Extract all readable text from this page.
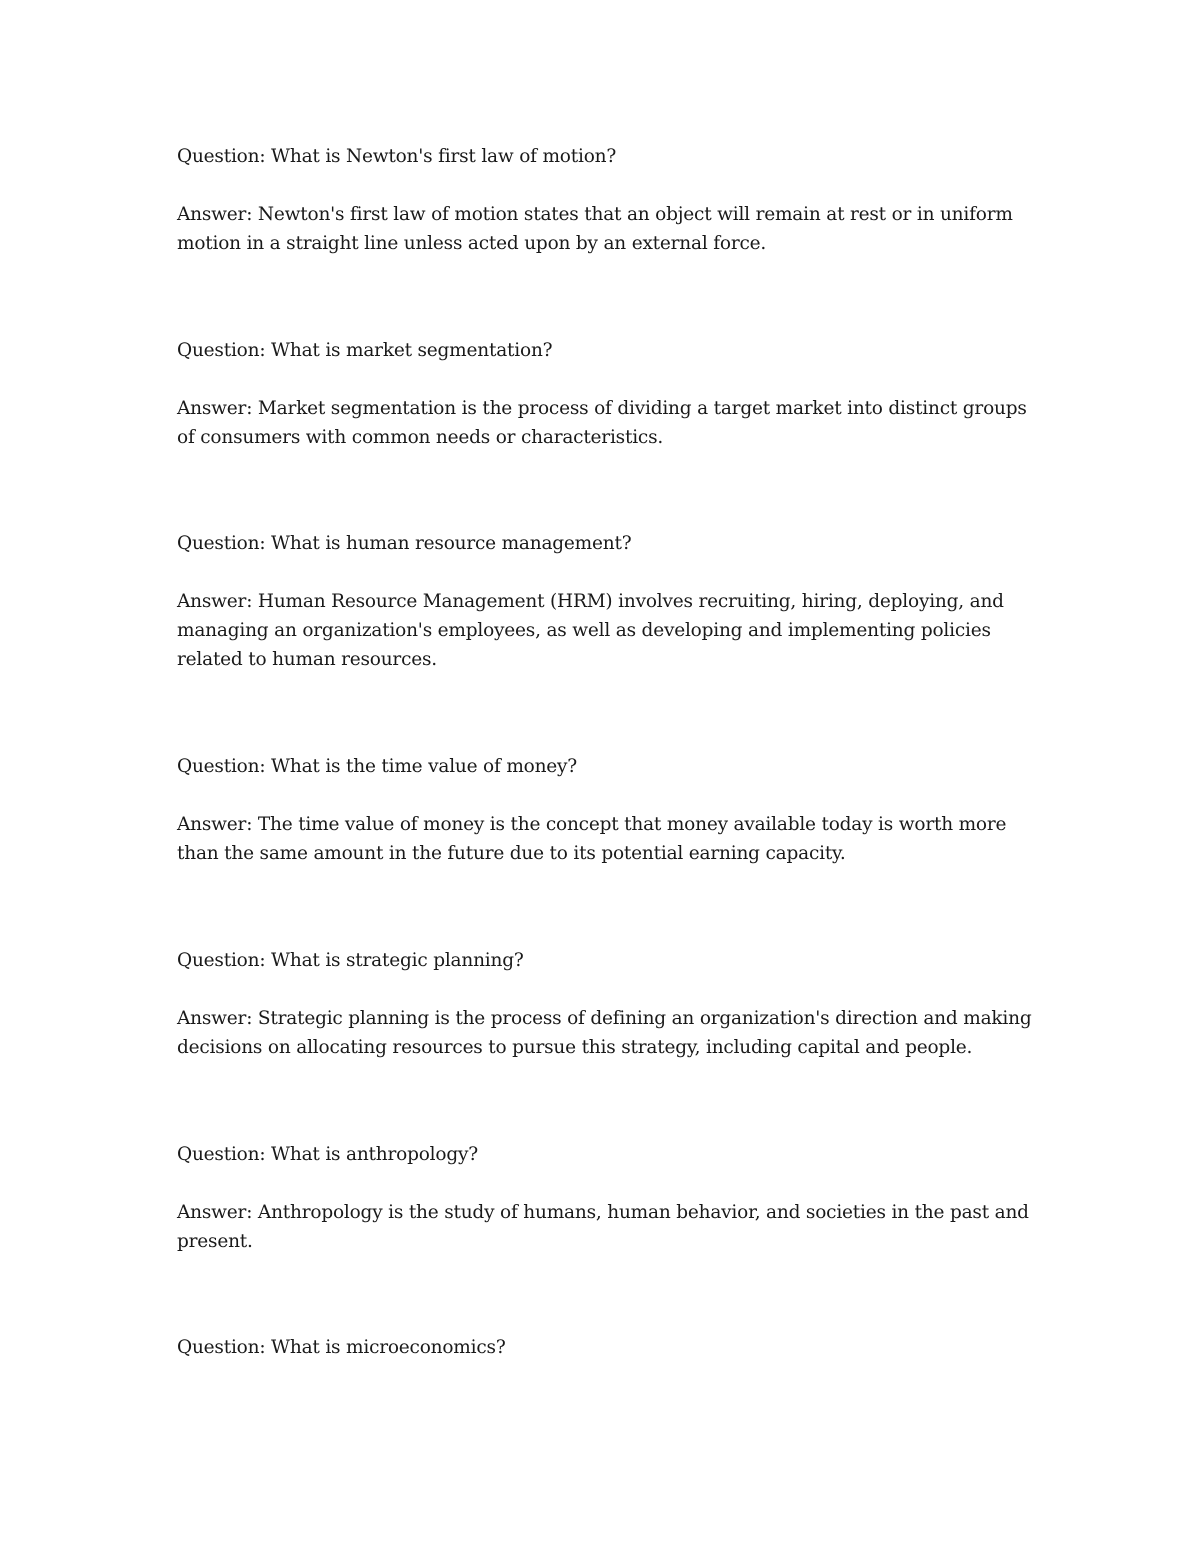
Question: What is Newton's first law of motion?

Answer: Newton's first law of motion states that an object will remain at rest or in uniform motion in a straight line unless acted upon by an external force.

Question: What is market segmentation?

Answer: Market segmentation is the process of dividing a target market into distinct groups of consumers with common needs or characteristics.

Question: What is human resource management?

Answer: Human Resource Management (HRM) involves recruiting, hiring, deploying, and managing an organization's employees, as well as developing and implementing policies related to human resources.

Question: What is the time value of money?

Answer: The time value of money is the concept that money available today is worth more than the same amount in the future due to its potential earning capacity.

Question: What is strategic planning?

Answer: Strategic planning is the process of defining an organization's direction and making decisions on allocating resources to pursue this strategy, including capital and people.

Question: What is anthropology?

Answer: Anthropology is the study of humans, human behavior, and societies in the past and present.

Question: What is microeconomics?
